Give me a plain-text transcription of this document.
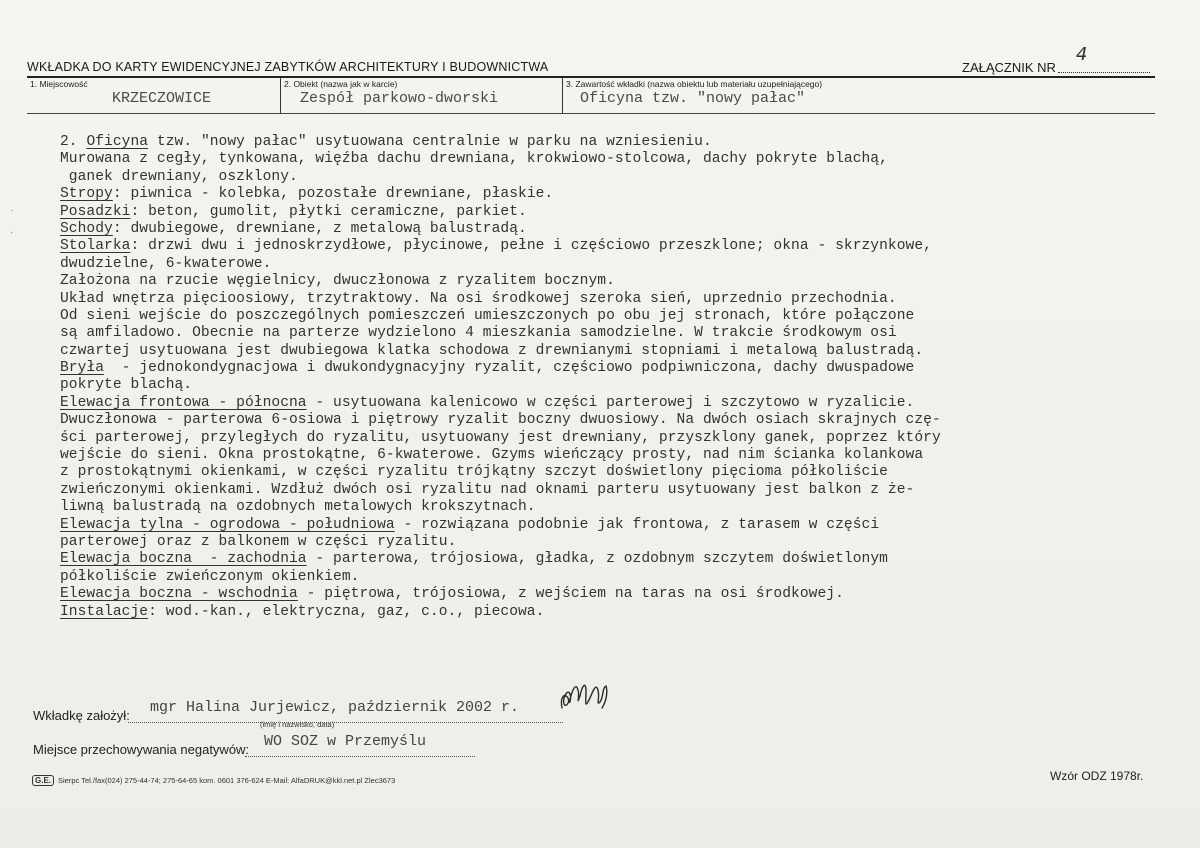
WKŁADKA DO KARTY EWIDENCYJNEJ ZABYTKÓW ARCHITEKTURY I BUDOWNICTWA	ZAŁĄCZNIK NR
4
1. Miejscowość
KRZECZOWICE
2. Obiekt (nazwa jak w karcie)
Zespół parkowo-dworski
3. Zawartość wkładki (nazwa obiektu lub materiału uzupełniającego)
Oficyna tzw. "nowy pałac"
·

·
2. Oficyna tzw. "nowy pałac" usytuowana centralnie w parku na wzniesieniu.
Murowana z cegły, tynkowana, więźba dachu drewniana, krokwiowo-stolcowa, dachy pokryte blachą,
ganek drewniany, oszklony.
Stropy: piwnica - kolebka, pozostałe drewniane, płaskie.
Posadzki: beton, gumolit, płytki ceramiczne, parkiet.
Schody: dwubiegowe, drewniane, z metalową balustradą.
Stolarka: drzwi dwu i jednoskrzydłowe, płycinowe, pełne i częściowo przeszklone; okna - skrzynkowe,
dwudzielne, 6-kwaterowe.
Założona na rzucie węgielnicy, dwuczłonowa z ryzalitem bocznym.
Układ wnętrza pięcioosiowy, trzytraktowy. Na osi środkowej szeroka sień, uprzednio przechodnia.
Od sieni wejście do poszczególnych pomieszczeń umieszczonych po obu jej stronach, które połączone
są amfiladowo. Obecnie na parterze wydzielono 4 mieszkania samodzielne. W trakcie środkowym osi
czwartej usytuowana jest dwubiegowa klatka schodowa z drewnianymi stopniami i metalową balustradą.
Bryła  - jednokondygnacjowa i dwukondygnacyjny ryzalit, częściowo podpiwniczona, dachy dwuspadowe
pokryte blachą.
Elewacja frontowa - północna - usytuowana kalenicowo w części parterowej i szczytowo w ryzalicie.
Dwuczłonowa - parterowa 6-osiowa i piętrowy ryzalit boczny dwuosiowy. Na dwóch osiach skrajnych czę-
ści parterowej, przyległych do ryzalitu, usytuowany jest drewniany, przyszklony ganek, poprzez który
wejście do sieni. Okna prostokątne, 6-kwaterowe. Gzyms wieńczący prosty, nad nim ścianka kolankowa
z prostokątnymi okienkami, w części ryzalitu trójkątny szczyt doświetlony pięcioma półkoliście
zwieńczonymi okienkami. Wzdłuż dwóch osi ryzalitu nad oknami parteru usytuowany jest balkon z że-
liwną balustradą na ozdobnych metalowych krokszytnach.
Elewacja tylna - ogrodowa - południowa - rozwiązana podobnie jak frontowa, z tarasem w części
parterowej oraz z balkonem w części ryzalitu.
Elewacja boczna  - zachodnia - parterowa, trójosiowa, gładka, z ozdobnym szczytem doświetlonym
półkoliście zwieńczonym okienkiem.
Elewacja boczna - wschodnia - piętrowa, trójosiowa, z wejściem na taras na osi środkowej.
Instalacje: wod.-kan., elektryczna, gaz, c.o., piecowa.
Wkładkę założył: mgr Halina Jurjewicz, październik 2002 r.
(imię i nazwisko, data)
Miejsce przechowywania negatywów: WO SOZ w Przemyślu
G.E. Sierpc Tel./fax(024) 275-44-74; 275-64-65 kom. 0601 376-624 E-Mail: AlfaDRUK@kkl.net.pl Zlec3673	Wzór ODZ 1978r.
